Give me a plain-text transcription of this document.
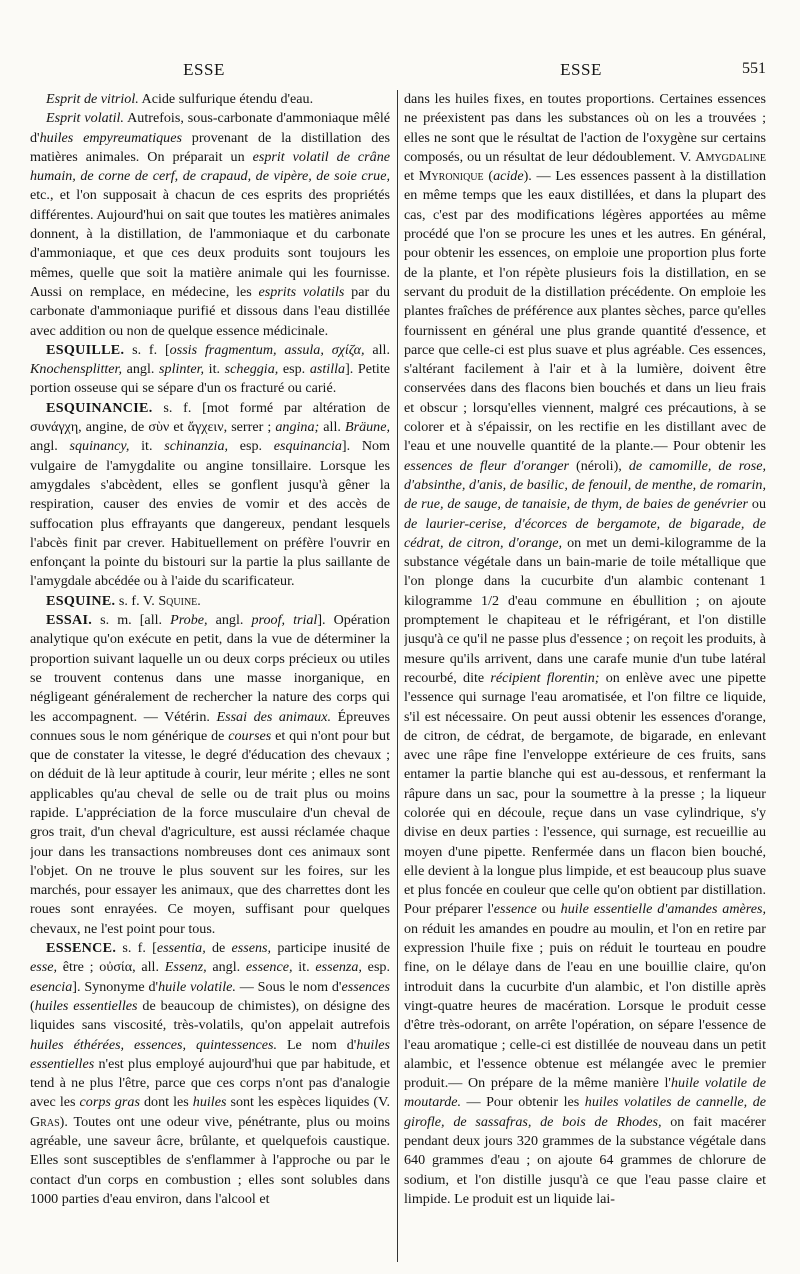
ESSE	ESSE	551

Esprit de vitriol. Acide sulfurique étendu d'eau.

Esprit volatil. Autrefois, sous-carbonate d'ammoniaque mêlé d'huiles empyreumatiques provenant de la distillation des matières animales. On préparait un esprit volatil de crâne humain, de corne de cerf, de crapaud, de vipère, de soie crue, etc., et l'on supposait à chacun de ces esprits des propriétés différentes. Aujourd'hui on sait que toutes les matières animales donnent, à la distillation, de l'ammoniaque et du carbonate d'ammoniaque, et que ces deux produits sont toujours les mêmes, quelle que soit la matière animale qui les fournisse. Aussi on remplace, en médecine, les esprits volatils par du carbonate d'ammoniaque purifié et dissous dans l'eau distillée avec addition ou non de quelque essence médicinale.

ESQUILLE. s. f. [ossis fragmentum, assula, σχίζα, all. Knochensplitter, angl. splinter, it. scheggia, esp. astilla]. Petite portion osseuse qui se sépare d'un os fracturé ou carié.

ESQUINANCIE. s. f. [mot formé par altération de συνάγχη, angine, de σὺν et ἄγχειν, serrer ; angina; all. Bräune, angl. squinancy, it. schinanzia, esp. esquinancia]. Nom vulgaire de l'amygdalite ou angine tonsillaire. Lorsque les amygdales s'abcèdent, elles se gonflent jusqu'à gêner la respiration, causer des envies de vomir et des accès de suffocation plus effrayants que dangereux, pendant lesquels l'abcès finit par crever. Habituellement on préfère l'ouvrir en enfonçant la pointe du bistouri sur la partie la plus saillante de l'amygdale abcédée ou à l'aide du scarificateur.

ESQUINE. s. f. V. Squine.

ESSAI. s. m. [all. Probe, angl. proof, trial]. Opération analytique qu'on exécute en petit, dans la vue de déterminer la proportion suivant laquelle un ou deux corps précieux ou utiles se trouvent contenus dans une masse inorganique, en négligeant généralement de rechercher la nature des corps qui les accompagnent. — Vétérin. Essai des animaux. Épreuves connues sous le nom générique de courses et qui n'ont pour but que de constater la vitesse, le degré d'éducation des chevaux ; on déduit de là leur aptitude à courir, leur mérite ; elles ne sont applicables qu'au cheval de selle ou de trait plus ou moins rapide. L'appréciation de la force musculaire d'un cheval de gros trait, d'un cheval d'agriculture, est aussi réclamée chaque jour dans les transactions nombreuses dont ces animaux sont l'objet. On ne trouve le plus souvent sur les foires, sur les marchés, pour essayer les animaux, que des charrettes dont les roues sont enrayées. Ce moyen, suffisant pour quelques chevaux, ne l'est point pour tous.

ESSENCE. s. f. [essentia, de essens, participe inusité de esse, être ; οὐσία, all. Essenz, angl. essence, it. essenza, esp. esencia]. Synonyme d'huile volatile. — Sous le nom d'essences (huiles essentielles de beaucoup de chimistes), on désigne des liquides sans viscosité, très-volatils, qu'on appelait autrefois huiles éthérées, essences, quintessences. Le nom d'huiles essentielles n'est plus employé aujourd'hui que par habitude, et tend à ne plus l'être, parce que ces corps n'ont pas d'analogie avec les corps gras dont les huiles sont les espèces liquides (V. Gras). Toutes ont une odeur vive, pénétrante, plus ou moins agréable, une saveur âcre, brûlante, et quelquefois caustique. Elles sont susceptibles de s'enflammer à l'approche ou par le contact d'un corps en combustion ; elles sont solubles dans 1000 parties d'eau environ, dans l'alcool et

dans les huiles fixes, en toutes proportions. Certaines essences ne préexistent pas dans les substances où on les a trouvées ; elles ne sont que le résultat de l'action de l'oxygène sur certains composés, ou un résultat de leur dédoublement. V. Amygdaline et Myronique (acide). — Les essences passent à la distillation en même temps que les eaux distillées, et dans la plupart des cas, c'est par des modifications légères apportées au même procédé que l'on se procure les unes et les autres. En général, pour obtenir les essences, on emploie une proportion plus forte de la plante, et l'on répète plusieurs fois la distillation, en se servant du produit de la distillation précédente. On emploie les plantes fraîches de préférence aux plantes sèches, parce qu'elles fournissent en général une plus grande quantité d'essence, et parce que celle-ci est plus suave et plus agréable. Ces essences, s'altérant facilement à l'air et à la lumière, doivent être conservées dans des flacons bien bouchés et dans un lieu frais et obscur ; lorsqu'elles viennent, malgré ces précautions, à se colorer et à s'épaissir, on les rectifie en les distillant avec de l'eau et une nouvelle quantité de la plante.— Pour obtenir les essences de fleur d'oranger (néroli), de camomille, de rose, d'absinthe, d'anis, de basilic, de fenouil, de menthe, de romarin, de rue, de sauge, de tanaisie, de thym, de baies de genévrier ou de laurier-cerise, d'écorces de bergamote, de bigarade, de cédrat, de citron, d'orange, on met un demi-kilogramme de la substance végétale dans un bain-marie de toile métallique que l'on plonge dans la cucurbite d'un alambic contenant 1 kilogramme 1/2 d'eau commune en ébullition ; on ajoute promptement le chapiteau et le réfrigérant, et l'on distille jusqu'à ce qu'il ne passe plus d'essence ; on reçoit les produits, à mesure qu'ils arrivent, dans une carafe munie d'un tube latéral recourbé, dite récipient florentin; on enlève avec une pipette l'essence qui surnage l'eau aromatisée, et l'on filtre ce liquide, s'il est nécessaire. On peut aussi obtenir les essences d'orange, de citron, de cédrat, de bergamote, de bigarade, en enlevant avec une râpe fine l'enveloppe extérieure de ces fruits, sans entamer la partie blanche qui est au-dessous, et renfermant la râpure dans un sac, pour la soumettre à la presse ; la liqueur colorée qui en découle, reçue dans un vase cylindrique, s'y divise en deux parties : l'essence, qui surnage, est recueillie au moyen d'une pipette. Renfermée dans un flacon bien bouché, elle devient à la longue plus limpide, et est beaucoup plus suave et plus foncée en couleur que celle qu'on obtient par distillation. Pour préparer l'essence ou huile essentielle d'amandes amères, on réduit les amandes en poudre au moulin, et l'on en retire par expression l'huile fixe ; puis on réduit le tourteau en poudre fine, on le délaye dans de l'eau en une bouillie claire, qu'on introduit dans la cucurbite d'un alambic, et l'on distille après vingt-quatre heures de macération. Lorsque le produit cesse d'être très-odorant, on arrête l'opération, on sépare l'essence de l'eau aromatique ; celle-ci est distillée de nouveau dans un petit alambic, et l'essence obtenue est mélangée avec le premier produit.— On prépare de la même manière l'huile volatile de moutarde. — Pour obtenir les huiles volatiles de cannelle, de girofle, de sassafras, de bois de Rhodes, on fait macérer pendant deux jours 320 grammes de la substance végétale dans 640 grammes d'eau ; on ajoute 64 grammes de chlorure de sodium, et l'on distille jusqu'à ce que l'eau passe claire et limpide. Le produit est un liquide lai-
